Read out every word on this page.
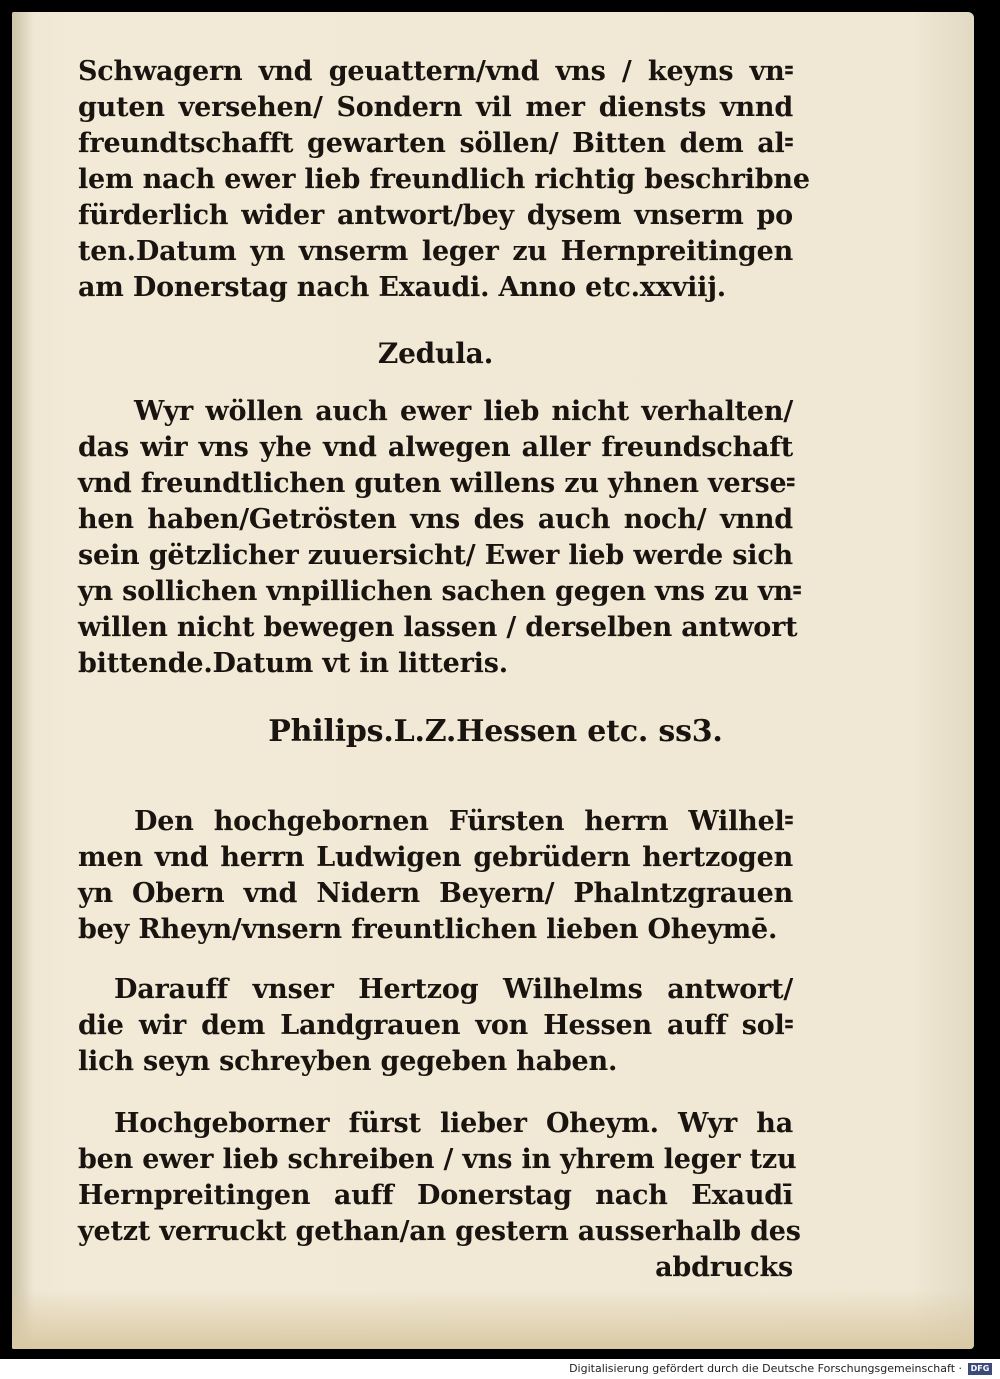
Schwagern vnd geuattern/vnd vns / keyns vn⹀
guten versehen/ Sondern vil mer diensts vnnd
freundtschafft gewarten söllen/ Bitten dem al⹀
lem nach ewer lieb freundlich richtig beschribne
fürderlich wider antwort/bey dysem vnserm po
ten.Datum yn vnserm leger zu Hernpreitingen
am Donerstag nach Exaudi. Anno etc.xxviij.
Zedula.
Wyr wöllen auch ewer lieb nicht verhalten/
das wir vns yhe vnd alwegen aller freundschaft
vnd freundtlichen guten willens zu yhnen verse⹀
hen haben/Getrösten vns des auch noch/ vnnd
sein gëtzlicher zuuersicht/ Ewer lieb werde sich
yn sollichen vnpillichen sachen gegen vns zu vn⹀
willen nicht bewegen lassen / derselben antwort
bittende.Datum vt in litteris.
Philips.L.Z.Hessen etc. ss3.
Den hochgebornen Fürsten herrn Wilhel⹀
men vnd herrn Ludwigen gebrüdern hertzogen
yn Obern vnd Nidern Beyern/ Phalntzgrauen
bey Rheyn/vnsern freuntlichen lieben Oheymē.
Darauff vnser Hertzog Wilhelms antwort/
die wir dem Landgrauen von Hessen auff sol⹀
lich seyn schreyben gegeben haben.
Hochgeborner fürst lieber Oheym. Wyr ha
ben ewer lieb schreiben / vns in yhrem leger tzu
Hernpreitingen auff Donerstag nach Exaudī
yetzt verruckt gethan/an gestern ausserhalb des
abdrucks
Digitalisierung gefördert durch die Deutsche Forschungsgemeinschaft ·	DFG
